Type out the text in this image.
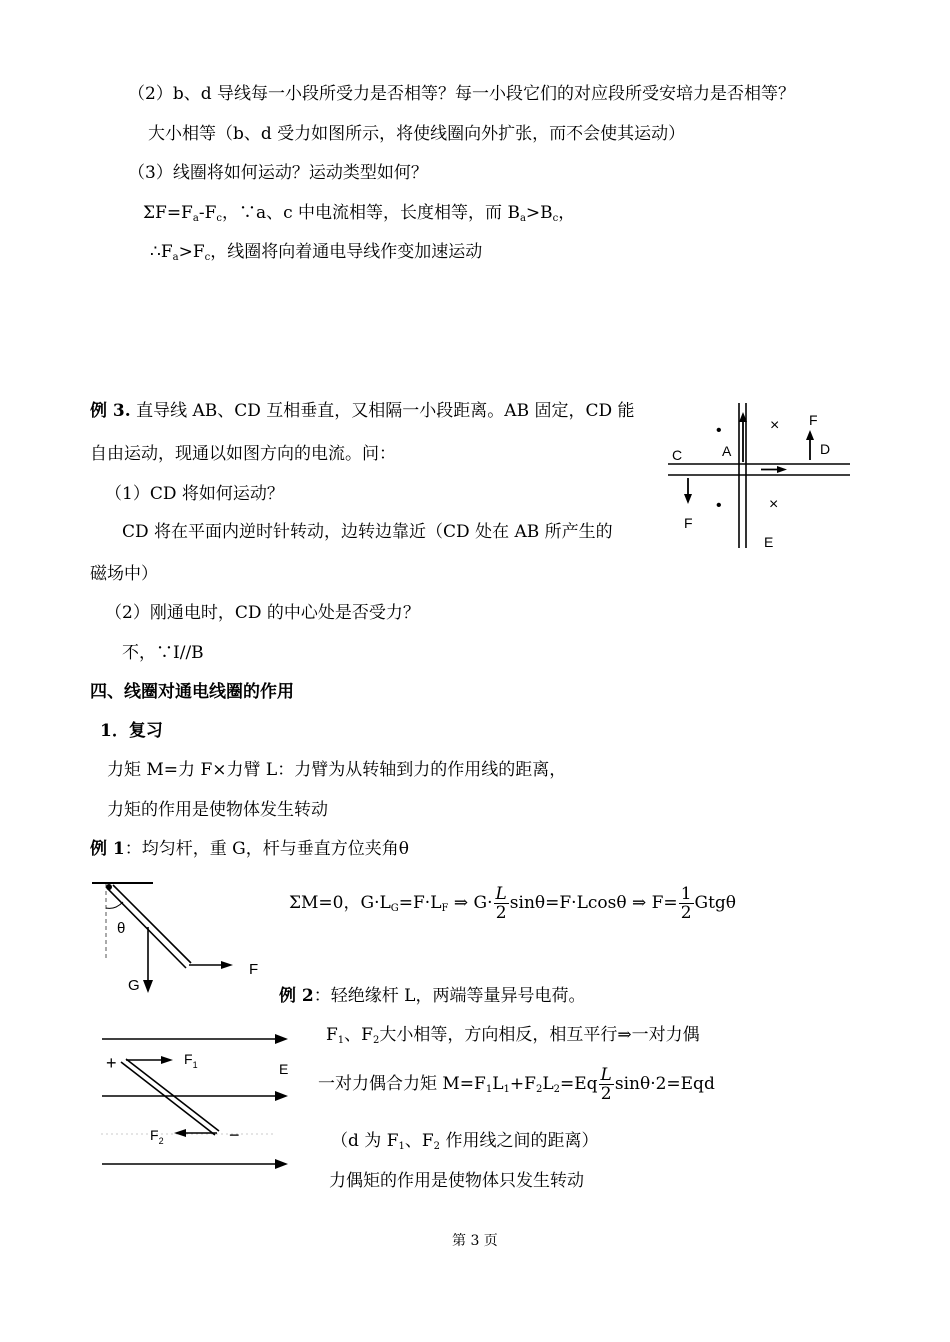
（2）b、d 导线每一小段所受力是否相等？每一小段它们的对应段所受安培力是否相等？
大小相等（b、d 受力如图所示，将使线圈向外扩张，而不会使其运动）
（3）线圈将如何运动？运动类型如何？
$\Sigma F=F_a-F_c$，∵a、c 中电流相等，长度相等，而 $B_a>B_c$，
$\therefore F_a>F_c$，线圈将向着通电导线作变加速运动
例 3. 直导线 AB、CD 互相垂直，又相隔一小段距离。AB 固定，CD 能
自由运动，现通以如图方向的电流。问：
（1）CD 将如何运动？
CD 将在平面内逆时针转动，边转边靠近（CD 处在 AB 所产生的
磁场中）
（2）刚通电时，CD 的中心处是否受力？
不，∵I//B
•
•
×
×
A
C	D
E
F
F
四、线圈对通电线圈的作用
1．复习
力矩 M=力 F×力臂 L：力臂为从转轴到力的作用线的距离，
力矩的作用是使物体发生转动
例 1：均匀杆，重 G，杆与垂直方位夹角θ
θ
G
F
ΣM=0，$G\cdot L_G=F\cdot L_F$ ⇒ $G\cdot \frac{L}{2} \sin\theta=F\cdot Lcos\theta$ ⇒ $F= \frac{1}{2}$ Gtgθ
例 2：轻绝缘杆 L，两端等量异号电荷。
+
−
$F_1$
$F_2$
E
$F_1$、$F_2$大小相等，方向相反，相互平行⇒一对力偶
一对力偶合力矩 $M=F_1L_1+F_2L_2=Eq \frac{L}{2} \sin\theta\cdot 2=Eqd$
（d 为 $F_1$、$F_2$ 作用线之间的距离）
力偶矩的作用是使物体只发生转动
第 3 页
